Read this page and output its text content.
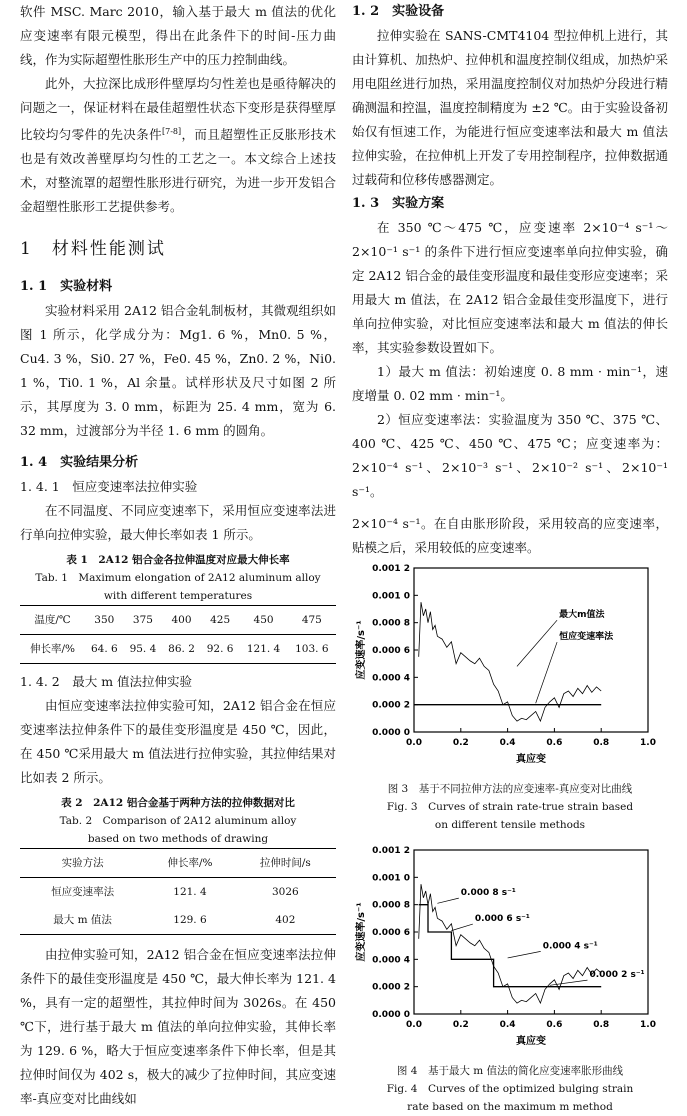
软件 MSC. Marc 2010，输入基于最大 m 值法的优化应变速率有限元模型，得出在此条件下的时间-压力曲线，作为实际超塑性胀形生产中的压力控制曲线。

此外，大拉深比成形件壁厚均匀性差也是亟待解决的问题之一，保证材料在最佳超塑性状态下变形是获得壁厚比较均匀零件的先决条件[7-8]，而且超塑性正反胀形技术也是有效改善壁厚均匀性的工艺之一。本文综合上述技术，对整流罩的超塑性胀形进行研究，为进一步开发铝合金超塑性胀形工艺提供参考。

1　材料性能测试
1. 1　实验材料

实验材料采用 2A12 铝合金轧制板材，其微观组织如图 1 所示，化学成分为：Mg1. 6 %，Mn0. 5 %，Cu4. 3 %，Si0. 27 %，Fe0. 45 %，Zn0. 2 %，Ni0. 1 %，Ti0. 1 %，Al 余量。试样形状及尺寸如图 2 所示，其厚度为 3. 0 mm，标距为 25. 4 mm，宽为 6. 32 mm，过渡部分为半径 1. 6 mm 的圆角。

1. 4　实验结果分析
1. 4. 1　恒应变速率法拉伸实验

在不同温度、不同应变速率下，采用恒应变速率法进行单向拉伸实验，最大伸长率如表 1 所示。

表 1　2A12 铝合金各拉伸温度对应最大伸长率
Tab. 1　Maximum elongation of 2A12 aluminum alloy
with different temperatures
温度/℃	350	375	400	425	450	475
伸长率/%	64. 6	95. 4	86. 2	92. 6	121. 4	103. 6
1. 4. 2　最大 m 值法拉伸实验

由恒应变速率法拉伸实验可知，2A12 铝合金在恒应变速率法拉伸条件下的最佳变形温度是 450 ℃，因此，在 450 ℃采用最大 m 值法进行拉伸实验，其拉伸结果对比如表 2 所示。

表 2　2A12 铝合金基于两种方法的拉伸数据对比
Tab. 2　Comparison of 2A12 aluminum alloy
based on two methods of drawing
实验方法	伸长率/%	拉伸时间/s
恒应变速率法	121. 4	3026
最大 m 值法	129. 6	402

由拉伸实验可知，2A12 铝合金在恒应变速率法拉伸条件下的最佳变形温度是 450 ℃，最大伸长率为 121. 4 %，具有一定的超塑性，其拉伸时间为 3026s。在 450 ℃下，进行基于最大 m 值法的单向拉伸实验，其伸长率为 129. 6 %，略大于恒应变速率条件下伸长率，但是其拉伸时间仅为 402 s，极大的减少了拉伸时间，其应变速率-真应变对比曲线如

1. 2　实验设备

拉伸实验在 SANS-CMT4104 型拉伸机上进行，其由计算机、加热炉、拉伸机和温度控制仪组成，加热炉采用电阻丝进行加热，采用温度控制仪对加热炉分段进行精确测温和控温，温度控制精度为 ±2 ℃。由于实验设备初始仅有恒速工作，为能进行恒应变速率法和最大 m 值法拉伸实验，在拉伸机上开发了专用控制程序，拉伸数据通过载荷和位移传感器测定。

1. 3　实验方案

在 350 ℃～475 ℃，应变速率 2×10⁻⁴ s⁻¹～2×10⁻¹ s⁻¹ 的条件下进行恒应变速率单向拉伸实验，确定 2A12 铝合金的最佳变形温度和最佳变形应变速率；采用最大 m 值法，在 2A12 铝合金最佳变形温度下，进行单向拉伸实验，对比恒应变速率法和最大 m 值法的伸长率，其实验参数设置如下。

1）最大 m 值法：初始速度 0. 8 mm · min⁻¹，速度增量 0. 02 mm · min⁻¹。

2）恒应变速率法：实验温度为 350 ℃、375 ℃、400 ℃、425 ℃、450 ℃、475 ℃；应变速率为：2×10⁻⁴ s⁻¹、2×10⁻³ s⁻¹、2×10⁻² s⁻¹、2×10⁻¹ s⁻¹。

2×10⁻⁴ s⁻¹。在自由胀形阶段，采用较高的应变速率，贴模之后，采用较低的应变速率。

0.0	0.2	0.4	0.6	0.8	1.0
0.000 0
0.000 2
0.000 4
0.000 6
0.000 8
0.001 0
0.001 2
真应变
应变速率/s⁻¹
最大m值法
恒应变速率法
图 3　基于不同拉伸方法的应变速率-真应变对比曲线
Fig. 3　Curves of strain rate-true strain based
on different tensile methods
0.0	0.2	0.4	0.6	0.8	1.0
0.000 0
0.000 2
0.000 4
0.000 6
0.000 8
0.001 0
0.001 2
真应变
应变速率/s⁻¹
0.000 8 s⁻¹
0.000 6 s⁻¹
0.000 4 s⁻¹
0.000 2 s⁻¹
图 4　基于最大 m 值法的简化应变速率胀形曲线
Fig. 4　Curves of the optimized bulging strain
rate based on the maximum m method
